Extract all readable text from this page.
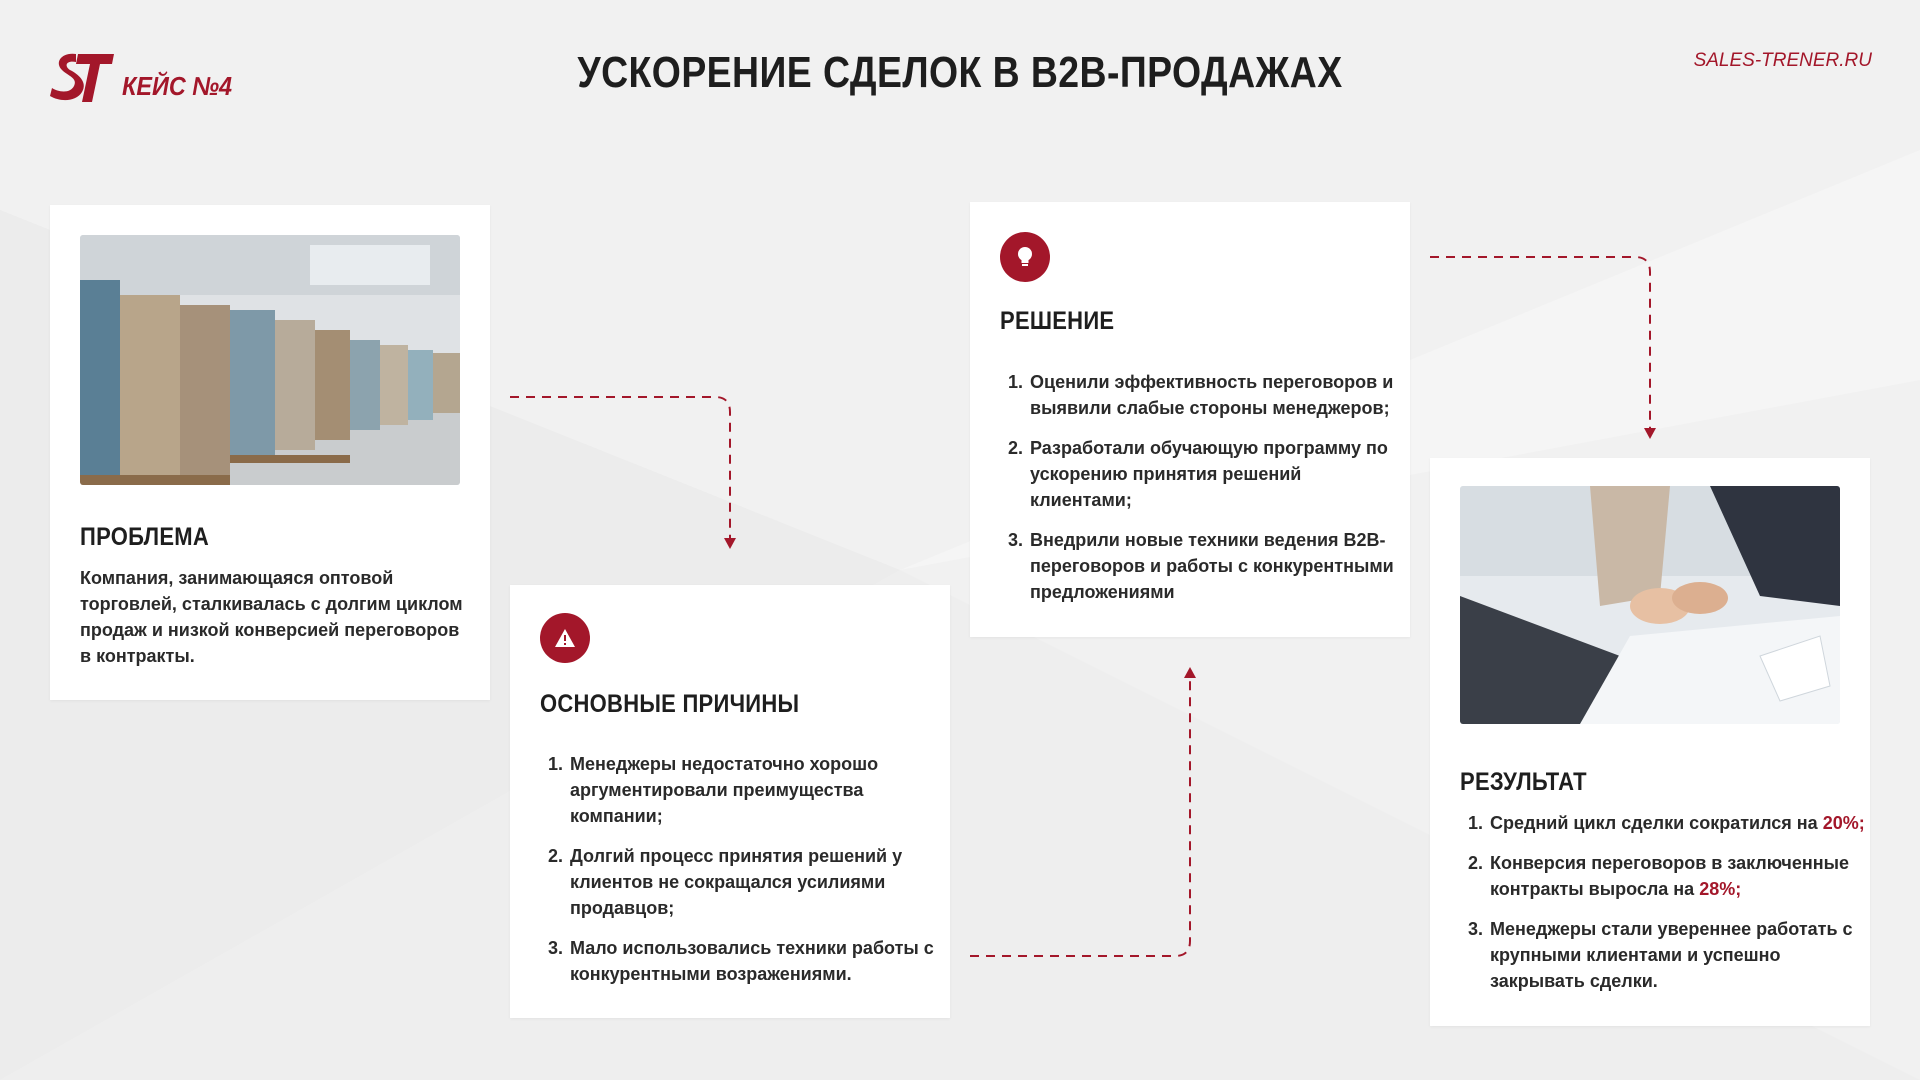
КЕЙС №4	УСКОРЕНИЕ СДЕЛОК В B2B-ПРОДАЖАХ	SALES-TRENER.RU
ПРОБЛЕМА

Компания, занимающаяся оптовой торговлей, сталкивалась с долгим циклом продаж и низкой конверсией переговоров в контракты.

ОСНОВНЫЕ ПРИЧИНЫ
Менеджеры недостаточно хорошо аргументировали преимущества компании;
Долгий процесс принятия решений у клиентов не сокращался усилиями продавцов;
Мало использовались техники работы с конкурентными возражениями.
РЕШЕНИЕ
Оценили эффективность переговоров и выявили слабые стороны менеджеров;
Разработали обучающую программу по ускорению принятия решений клиентами;
Внедрили новые техники ведения B2B-переговоров и работы с конкурентными предложениями
РЕЗУЛЬТАТ
Средний цикл сделки сократился на 20%;
Конверсия переговоров в заключенные контракты выросла на 28%;
Менеджеры стали увереннее работать с крупными клиентами и успешно закрывать сделки.
